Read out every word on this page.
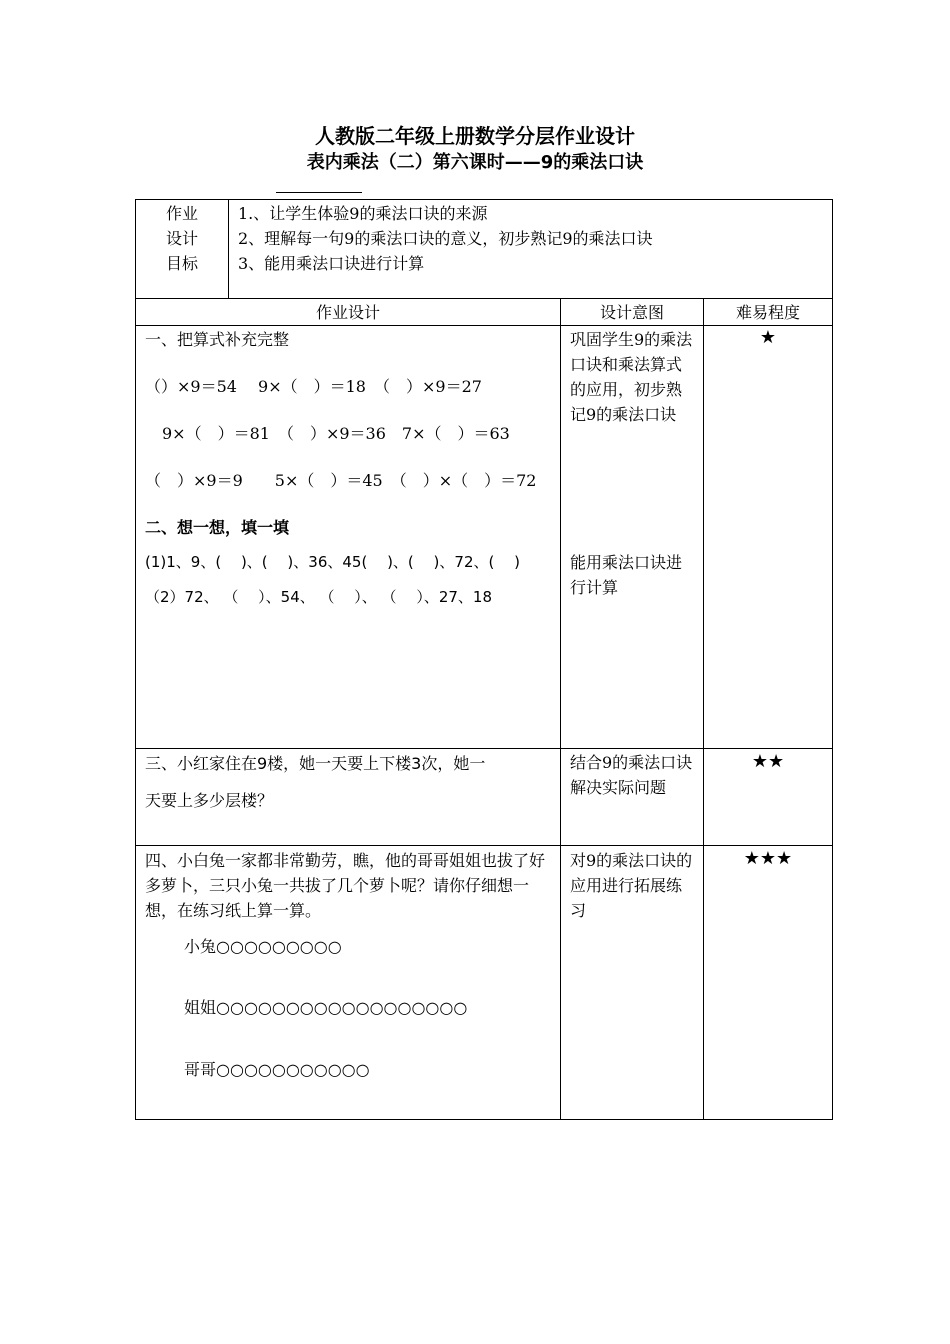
人教版二年级上册数学分层作业设计
表内乘法（二）第六课时——9的乘法口诀
作业
设计
目标
1.、让学生体验9的乘法口诀的来源
2、理解每一句9的乘法口诀的意义，初步熟记9的乘法口诀
3、能用乘法口诀进行计算
作业设计	设计意图	难易程度
一、把算式补充完整
（）×9＝54　 9×（　）＝18　（　）×9＝27
9×（　）＝81　（　）×9＝36　7×（　）＝63
（　）×9＝9　　5×（　）＝45　（　）×（　）＝72
巩固学生9的乘法口诀和乘法算式的应用，初步熟记9的乘法口诀
★
二、想一想，填一填
(1)1、9、(　 )、(　 )、36、45(　 )、(　 )、72、(　 )
（2）72、 （　 ）、54、 （　 ）、 （　 ）、27、18
能用乘法口诀进行计算
三、小红家住在9楼，她一天要上下楼3次，她一
天要上多少层楼？
结合9的乘法口诀解决实际问题
★★
四、小白兔一家都非常勤劳，瞧，他的哥哥姐姐也拔了好多萝卜，三只小兔一共拔了几个萝卜呢？请你仔细想一想，在练习纸上算一算。
小兔○○○○○○○○○
姐姐○○○○○○○○○○○○○○○○○○
哥哥○○○○○○○○○○○
对9的乘法口诀的应用进行拓展练习
★★★
